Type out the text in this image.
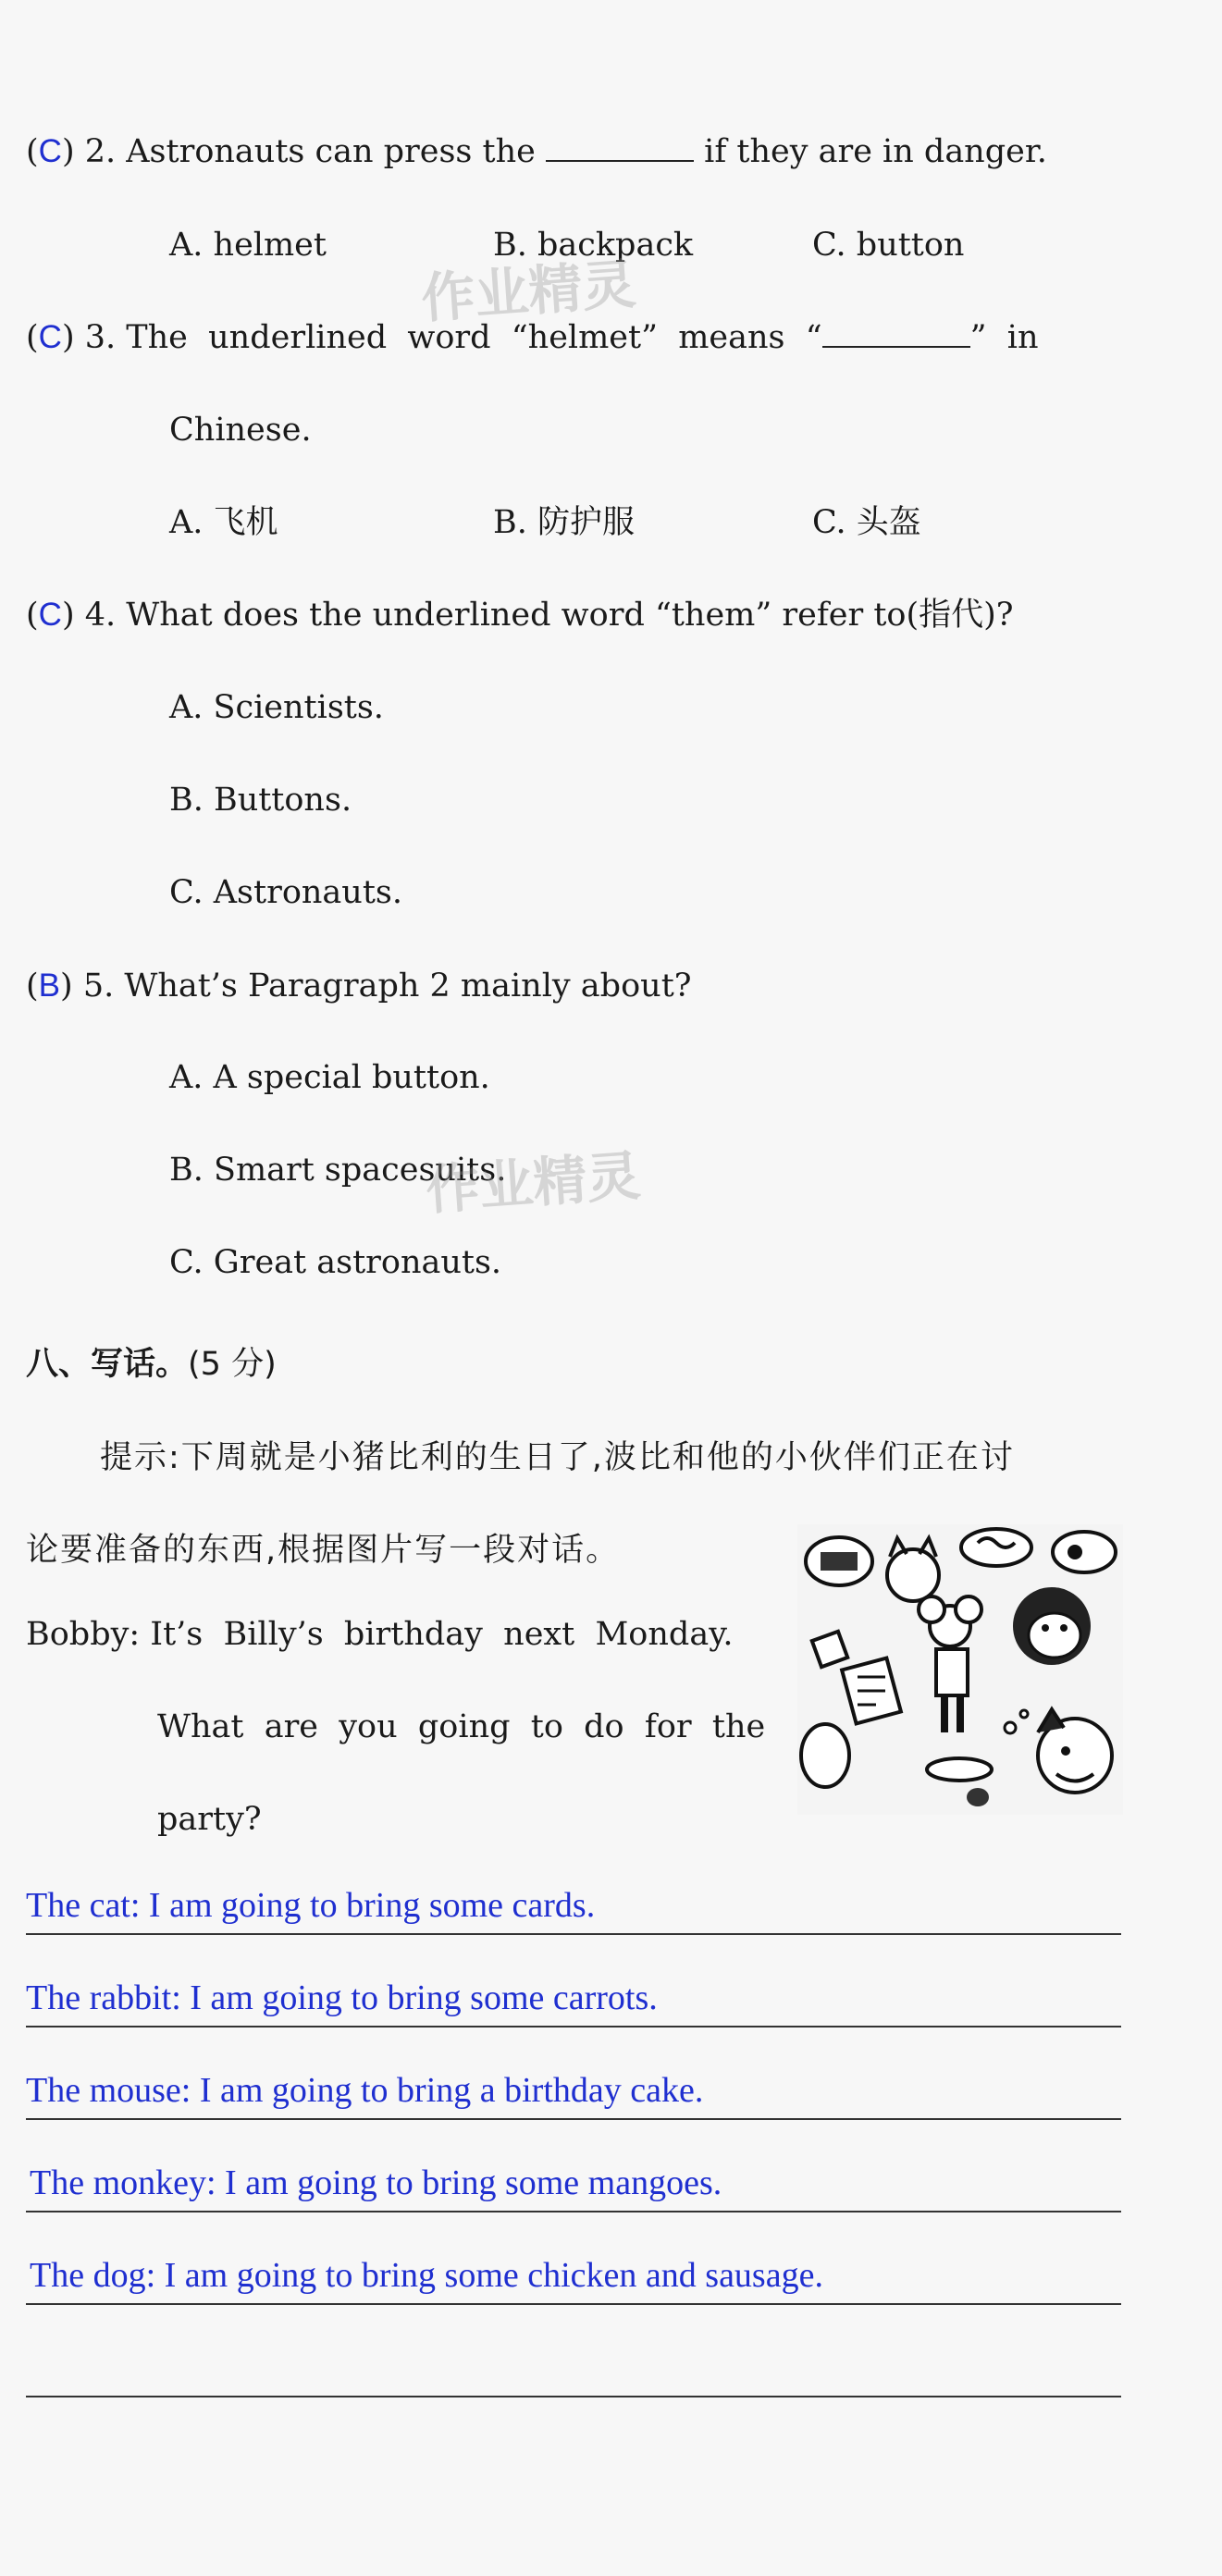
(C) 2. Astronauts can press the	if they are in danger.
A. helmet	B. backpack	C. button
(C) 3. The  underlined  word  “helmet”  means  “	”  in
Chinese.
A. 飞机	B. 防护服	C. 头盔
(C) 4. What does the underlined word “them” refer to(指代)?
A. Scientists.
B. Buttons.
C. Astronauts.
(B) 5. What’s Paragraph 2 mainly about?
A. A special button.
B. Smart spacesuits.
C. Great astronauts.
八、写话。(5 分)
提示:下周就是小猪比利的生日了,波比和他的小伙伴们正在讨
论要准备的东西,根据图片写一段对话。
Bobby: It’s  Billy’s  birthday  next  Monday.
What  are  you  going  to  do  for  the
party?
The cat: I am going to bring some cards.
The rabbit: I am going to bring some carrots.
The mouse: I am going to bring a birthday cake.
The monkey: I am going to bring some mangoes.
The dog: I am going to bring some chicken and sausage.
作业精灵
作业精灵
